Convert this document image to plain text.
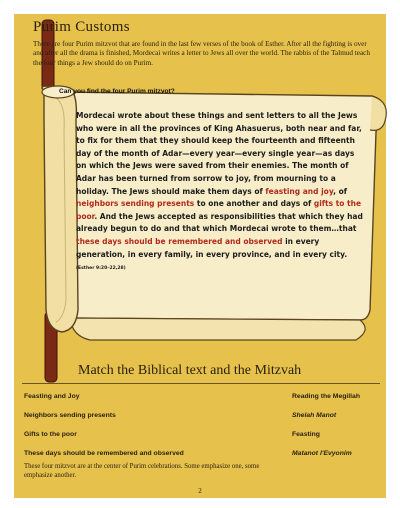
Purim Customs
There are four Purim mitzvot that are found in the last few verses of the book of Esther. After all the fighting is over and after all the drama is finished, Mordecai writes a letter to Jews all over the world. The rabbis of the Talmud teach the four things a Jew should do on Purim.
Can you find the four Purim mitzvot?
Mordecai wrote about these things and sent letters to all the Jews who were in all the provinces of King Ahasuerus, both near and far, to fix for them that they should keep the fourteenth and fifteenth day of the month of Adar—every year—every single year—as days on which the Jews were saved from their enemies. The month of Adar has been turned from sorrow to joy, from mourning to a holiday. The Jews should make them days of feasting and joy, of neighbors sending presents to one another and days of gifts to the poor. And the Jews accepted as responsibilities that which they had already begun to do and that which Mordecai wrote to them…that these days should be remembered and observed in every generation, in every family, in every province, and in every city. (Esther 9:20–22,28)
Match the Biblical text and the Mitzvah
Feasting and Joy
Neighbors sending presents
Gifts to the poor
These days should be remembered and observed
Reading the Megillah
Shelah Manot
Feasting
Matanot l'Evyonim
These four mitzvot are at the center of Purim celebrations. Some emphasize one, some emphasize another.
2
